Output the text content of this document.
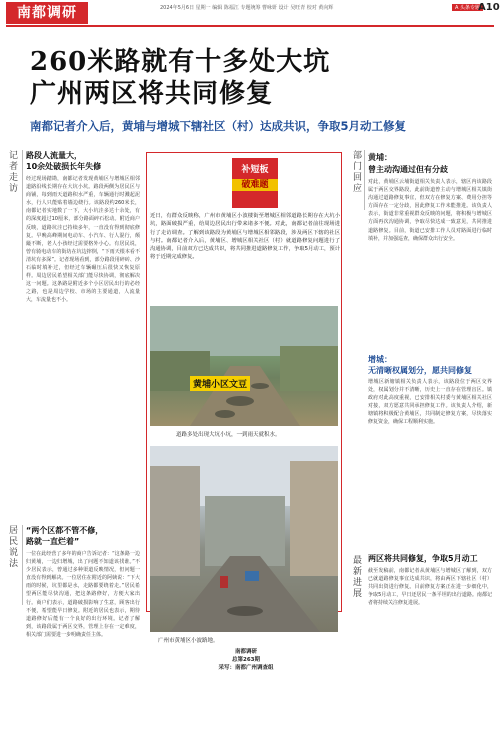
南都调研	2024年5月6日 星期一 编辑 陈福江 专题统筹 曹咏妍 设计 吴旺青 校对 黄向辉	A 头条专题
A10
260米路就有十多处大坑
广州两区将共同修复
南都记者介入后，黄埔与增城下辖社区（村）达成共识，争取5月动工修复
记者走访 路段人流量大，
10余处破损长年失修
经过现场踏勘，南都记者发现黄埔区与增城区相邻道路沿线长期存在大坑小坑。路段两侧为居民区与商铺，每到雨天道路积水严重，车辆通行时溅起泥水，行人只能贴着墙边绕行。该路段约260米长，南都记者实地数了一下，大小坑洼多达十余处，有的深度超过10厘米，部分路面碎石松动。附近商户反映，道路坑洼已持续多年，一直没有得到彻底修复。早晚高峰期间电动车、小汽车、行人混行，颠簸不断，老人小孩经过需要格外小心。有居民说，曾有骑电动车的街坊在坑边摔倒，“下雨天根本看不清坑有多深”。记者现场看到，部分路段用碎砖、沙石临时填补过，但经过车辆碾压后很快又恢复原样。周边居民希望相关部门能尽快协调，彻底解决这一问题。这条路是附近多个小区居民出行的必经之路，也是周边学校、市场的主要通道，人流量大，车流量也不小。
居民说法 “两个区都不管不修，
路就一直烂着”
一位在此经营了多年的商户告诉记者：“这条路一边归黄埔，一边归增城，出了问题不知道该找谁。”不少居民表示，曾通过多种渠道反映情况，但问题一直没有得到解决。一位居住在附近的阿姨说：“下大雨的时候，坑里都是水，走路都要绕着走。”居民希望两区能尽快沟通，把这条路修好，方便大家出行。商户们表示，道路破损影响了生意，顾客出行不便，希望能早日修复。附近的居民也表示，期待道路修好后能有一个良好的出行环境。记者了解到，该路段属于两区交界，管理上存在一定难度，相关部门需要进一步明确责任主体。
补短板
破难题
近日，有群众反映称，广州市黄埔区小波楼街至增城区相邻道路长期存在大坑小坑，路面破损严重，给周边居民出行带来诸多不便。对此，南都记者前往现场进行了走访调查。了解到该路段为黄埔区与增城区相邻路段，涉及两区下辖的社区与村。南都记者介入后，黄埔区、增城区相关社区（村）就道路修复问题进行了沟通协调，目前双方已达成共识，将共同推进道路修复工作，争取5月动工，预计将于近期完成修复。
黄埔小区文豆
道路多处出现大坑小坑，一到雨天就积水。
广州市黄埔区小波路地。
南都调研
总第263期
采写：南都广州调查组
部门回应 黄埔：
曾主动沟通过但有分歧
对此，黄埔区云埔街道相关负责人表示，辖区内该路段属于两区交界路段，此前街道曾主动与增城区相关镇街沟通过道路修复事宜，但双方在修复方案、费用分担等方面存在一定分歧，因此修复工作未能推进。该负责人表示，街道非常重视群众反映的问题，将积极与增城区方面再次沟通协调，争取尽快达成一致意见，共同推进道路修复。目前，街道已安排工作人员对路面进行临时填补，并加强巡查，确保群众出行安全。
增城：
无清晰权属划分，愿共同修复
增城区新塘镇相关负责人表示，该路段位于两区交界处，权属划分并不清晰，历史上一直存在管理盲区。镇政府对此高度重视，已安排相关村委与黄埔区相关社区对接，双方愿意共同承担修复工作。该负责人介绍，新塘镇将积极配合黄埔区，共同制定修复方案，尽快落实修复资金，确保工程顺利实施。
最新进展 两区将共同修复，争取5月动工
截至发稿前，南都记者从黄埔区与增城区了解到，双方已就道路修复事宜达成共识，将由两区下辖社区（村）共同出资进行修复。目前修复方案正在进一步细化中，争取5月动工，早日还居民一条平坦的出行道路。南都记者将持续关注修复进展。
